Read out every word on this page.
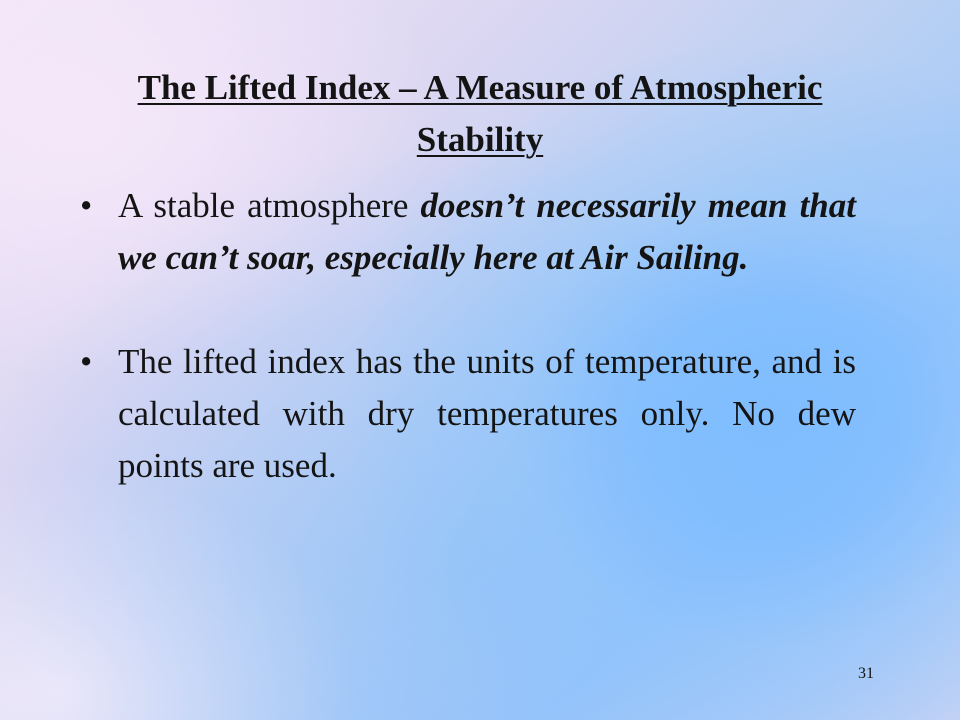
The Lifted Index – A Measure of Atmospheric Stability
• A stable atmosphere doesn’t necessarily mean that we can’t soar, especially here at Air Sailing.
• The lifted index has the units of temperature, and is calculated with dry temperatures only. No dew points are used.
31
